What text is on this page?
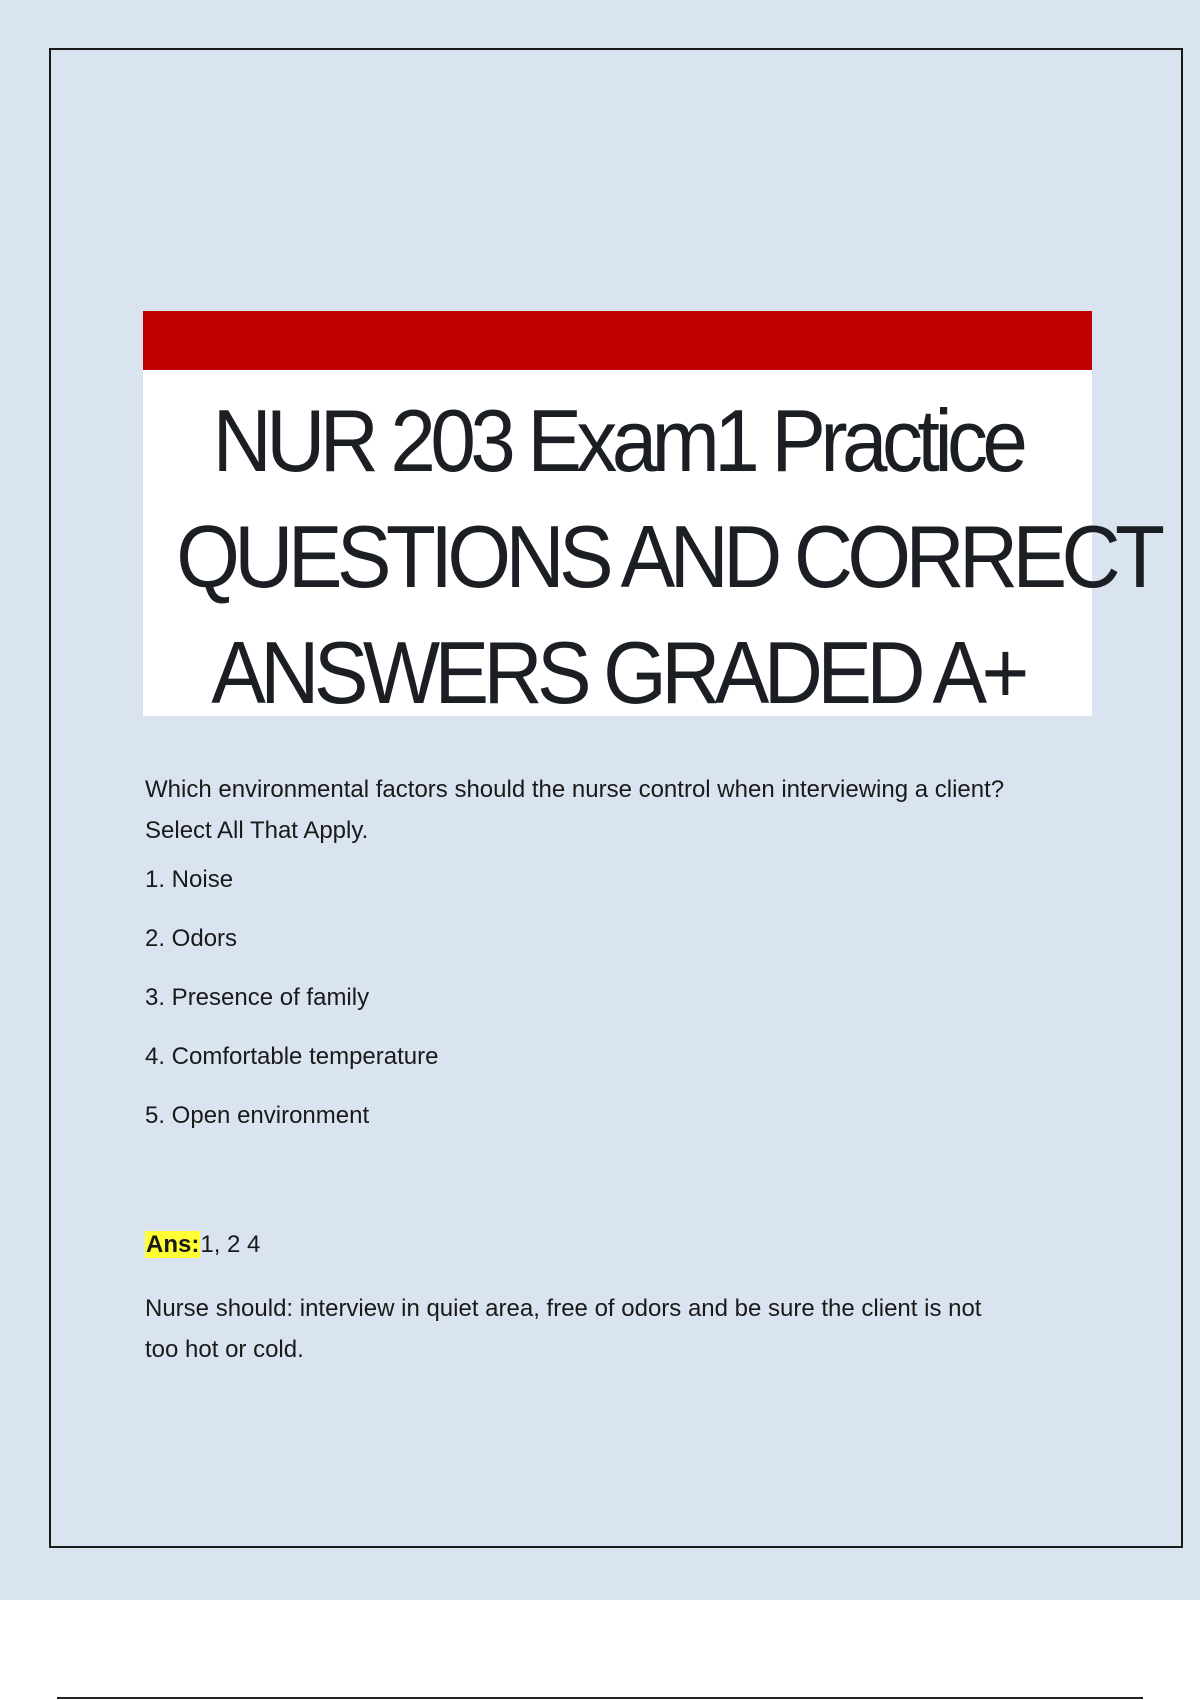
NUR 203 Exam1 Practice
QUESTIONS AND CORRECT
ANSWERS GRADED A+

Which environmental factors should the nurse control when interviewing a client?
Select All That Apply.

1. Noise
2. Odors
3. Presence of family
4. Comfortable temperature
5. Open environment
Ans:1, 2 4

Nurse should: interview in quiet area, free of odors and be sure the client is not
too hot or cold.
